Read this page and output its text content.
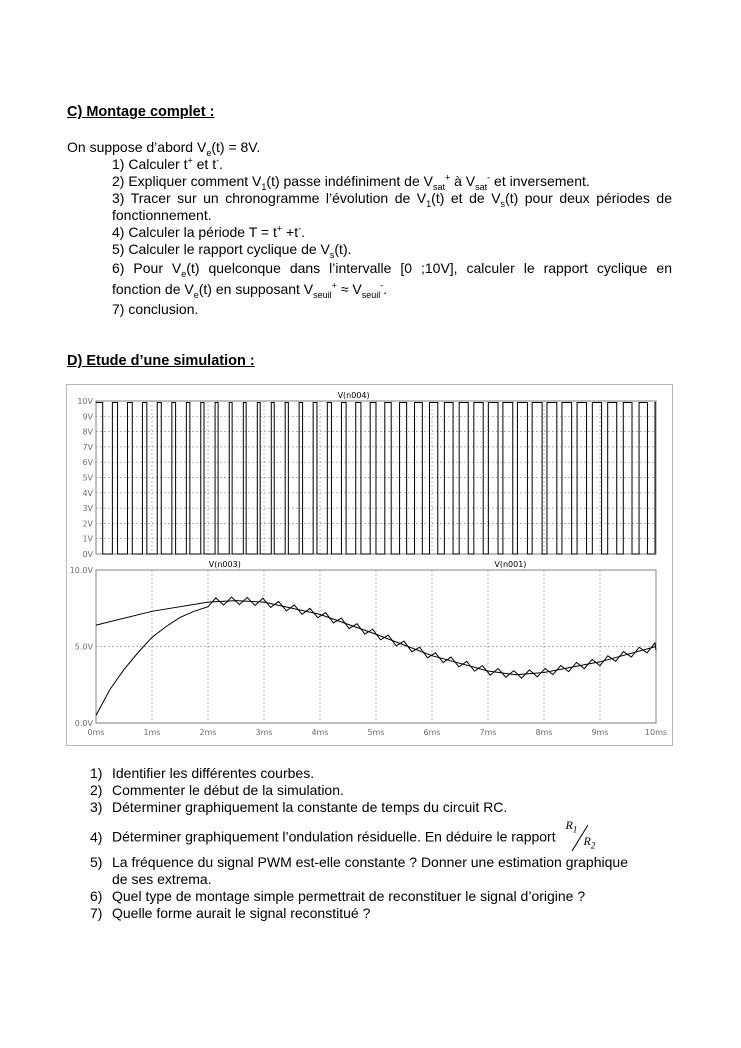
C) Montage complet :
On suppose d’abord $V_e(t) = 8V$.
1) Calculer t+ et t-.
2) Expliquer comment $V_1(t)$ passe indéfiniment de $V_{sat}^+$ à $V_{sat}^-$ et inversement.
3) Tracer sur un chronogramme l’évolution de $V_1(t)$ et de $V_s(t)$ pour deux périodes de
fonctionnement.
4) Calculer la période T = t+ +t-.
5) Calculer le rapport cyclique de $V_s(t)$.
6) Pour $V_e(t)$ quelconque dans l’intervalle [0 ;10V], calculer le rapport cyclique en
fonction de $V_e(t)$ en supposant $V_{seuil}^+ \approx V_{seuil}^-$.
7) conclusion.
D) Etude d’une simulation :
0V
1V
2V
3V
4V
5V
6V
7V
8V
9V
10V
V(n004)
0.0V
5.0V
10.0V
0ms	1ms	2ms	3ms	4ms	5ms	6ms	7ms	8ms	9ms	10ms
V(n003)	V(n001)
1) Identifier les différentes courbes.
2) Commenter le début de la simulation.
3) Déterminer graphiquement la constante de temps du circuit RC.
4) Déterminer graphiquement l’ondulation résiduelle. En déduire le rapport
$R_1$
$R_2$
5) La fréquence du signal PWM est-elle constante ? Donner une estimation graphique
de ses extrema.
6) Quel type de montage simple permettrait de reconstituer le signal d’origine ?
7) Quelle forme aurait le signal reconstitué ?
